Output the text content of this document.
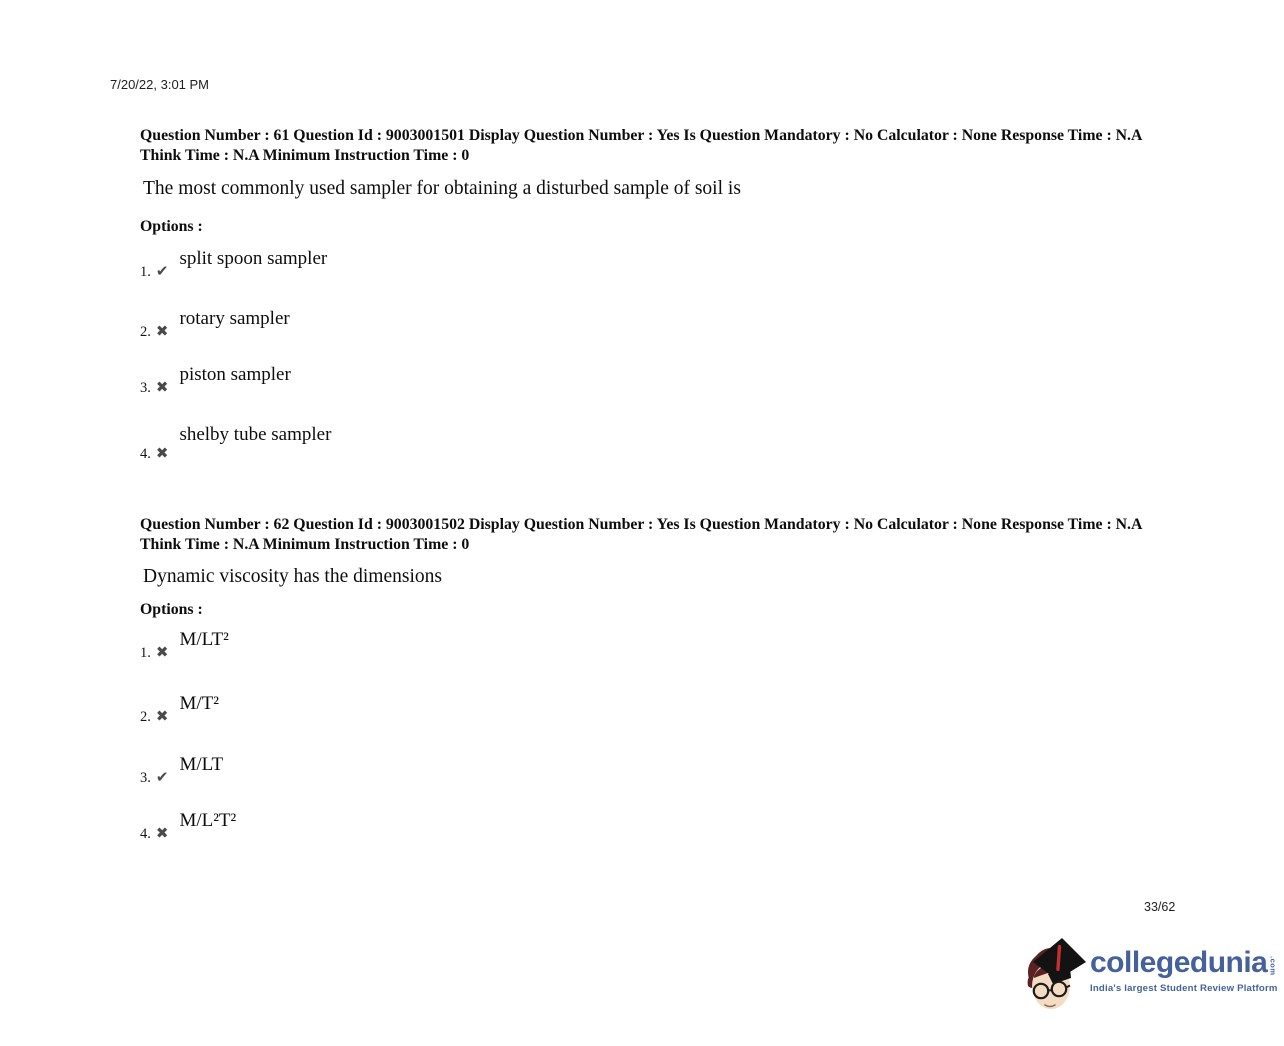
7/20/22, 3:01 PM

Question Number : 61 Question Id : 9003001501 Display Question Number : Yes Is Question Mandatory : No Calculator : None Response Time : N.A Think Time : N.A Minimum Instruction Time : 0

The most commonly used sampler for obtaining a disturbed sample of soil is

Options :

1. ✔split spoon sampler
2. ✖rotary sampler
3. ✖piston sampler
4. ✖shelby tube sampler

Question Number : 62 Question Id : 9003001502 Display Question Number : Yes Is Question Mandatory : No Calculator : None Response Time : N.A Think Time : N.A Minimum Instruction Time : 0

Dynamic viscosity has the dimensions

Options :

1. ✖M/LT²
2. ✖M/T²
3. ✔M/LT
4. ✖M/L²T²
33/62
collegedunia .com
India's largest Student Review Platform
